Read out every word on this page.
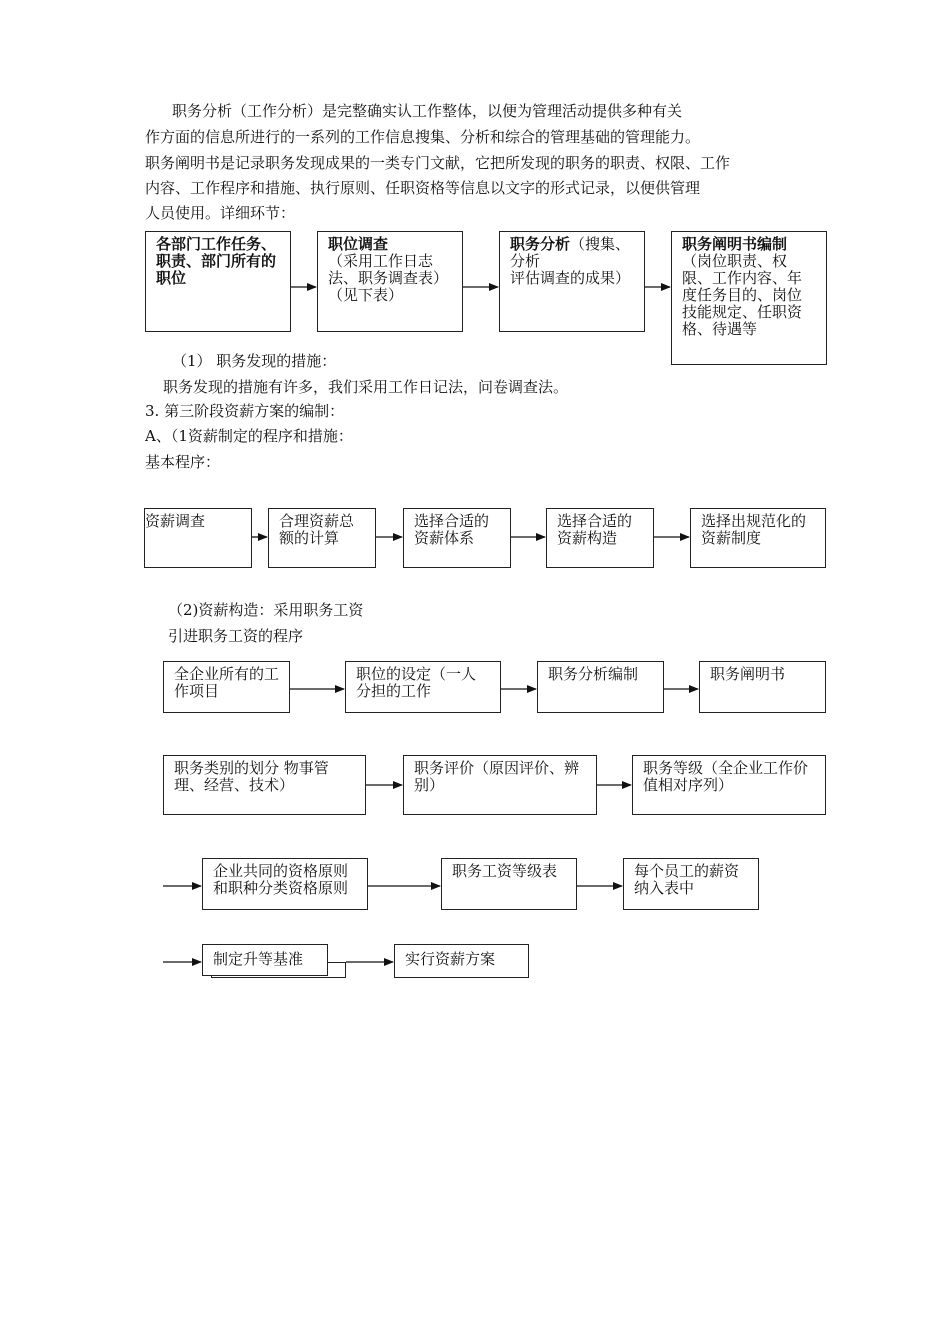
职务分析（工作分析）是完整确实认工作整体，以便为管理活动提供多种有关
作方面的信息所进行的一系列的工作信息搜集、分析和综合的管理基础的管理能力。
职务阐明书是记录职务发现成果的一类专门文献，它把所发现的职务的职责、权限、工作
内容、工作程序和措施、执行原则、任职资格等信息以文字的形式记录，以便供管理
人员使用。详细环节：
各部门工作任务、职责、部门所有的职位
职位调查
（采用工作日志法、职务调查表）（见下表）
职务分析（搜集、分析
评估调查的成果）
职务阐明书编制
（岗位职责、权限、工作内容、年度任务目的、岗位技能规定、任职资格、待遇等
（1） 职务发现的措施：
职务发现的措施有许多，我们采用工作日记法，问卷调查法。
3. 第三阶段资薪方案的编制：
A、（1资薪制定的程序和措施：
基本程序：
资薪调查	合理资薪总额的计算
选择合适的资薪体系
选择合适的资薪构造
选择出规范化的资薪制度
（2)资薪构造：采用职务工资
引进职务工资的程序
全企业所有的工作项目
职位的设定（一人分担的工作
职务分析编制	职务阐明书
职务类别的划分 物事管理、经营、技术）
职务评价（原因评价、辨别）
职务等级（全企业工作价值相对序列）
企业共同的资格原则和职种分类资格原则
职务工资等级表	每个员工的薪资纳入表中
制定升等基准	实行资薪方案
